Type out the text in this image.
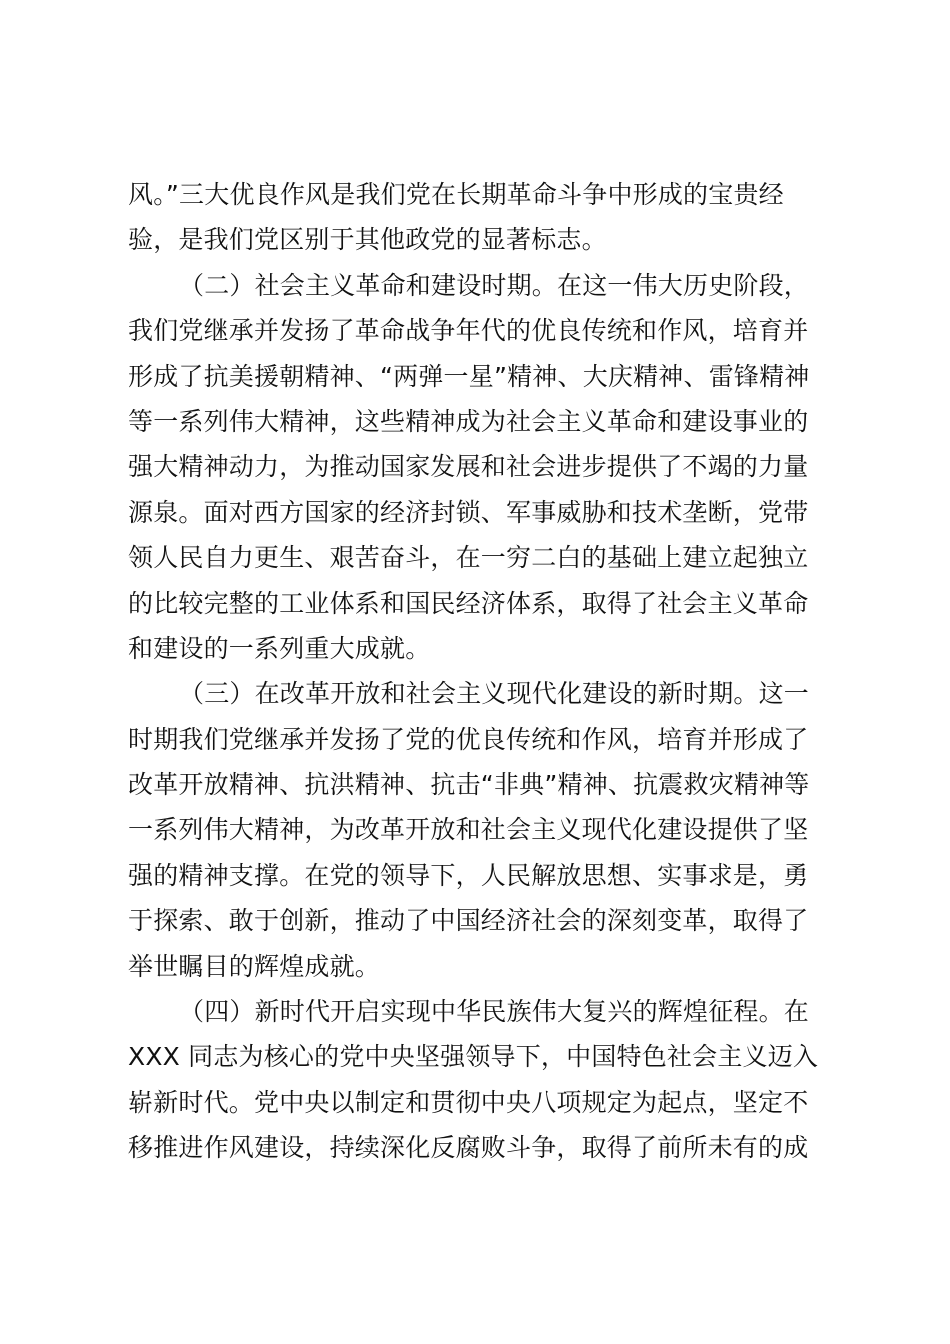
风。”三大优良作风是我们党在长期革命斗争中形成的宝贵经
验，是我们党区别于其他政党的显著标志。
（二）社会主义革命和建设时期。在这一伟大历史阶段，
我们党继承并发扬了革命战争年代的优良传统和作风，培育并
形成了抗美援朝精神、“两弹一星”精神、大庆精神、雷锋精神
等一系列伟大精神，这些精神成为社会主义革命和建设事业的
强大精神动力，为推动国家发展和社会进步提供了不竭的力量
源泉。面对西方国家的经济封锁、军事威胁和技术垄断，党带
领人民自力更生、艰苦奋斗，在一穷二白的基础上建立起独立
的比较完整的工业体系和国民经济体系，取得了社会主义革命
和建设的一系列重大成就。
（三）在改革开放和社会主义现代化建设的新时期。这一
时期我们党继承并发扬了党的优良传统和作风，培育并形成了
改革开放精神、抗洪精神、抗击“非典”精神、抗震救灾精神等
一系列伟大精神，为改革开放和社会主义现代化建设提供了坚
强的精神支撑。在党的领导下，人民解放思想、实事求是，勇
于探索、敢于创新，推动了中国经济社会的深刻变革，取得了
举世瞩目的辉煌成就。
（四）新时代开启实现中华民族伟大复兴的辉煌征程。在
XXX 同志为核心的党中央坚强领导下，中国特色社会主义迈入
崭新时代。党中央以制定和贯彻中央八项规定为起点，坚定不
移推进作风建设，持续深化反腐败斗争，取得了前所未有的成
